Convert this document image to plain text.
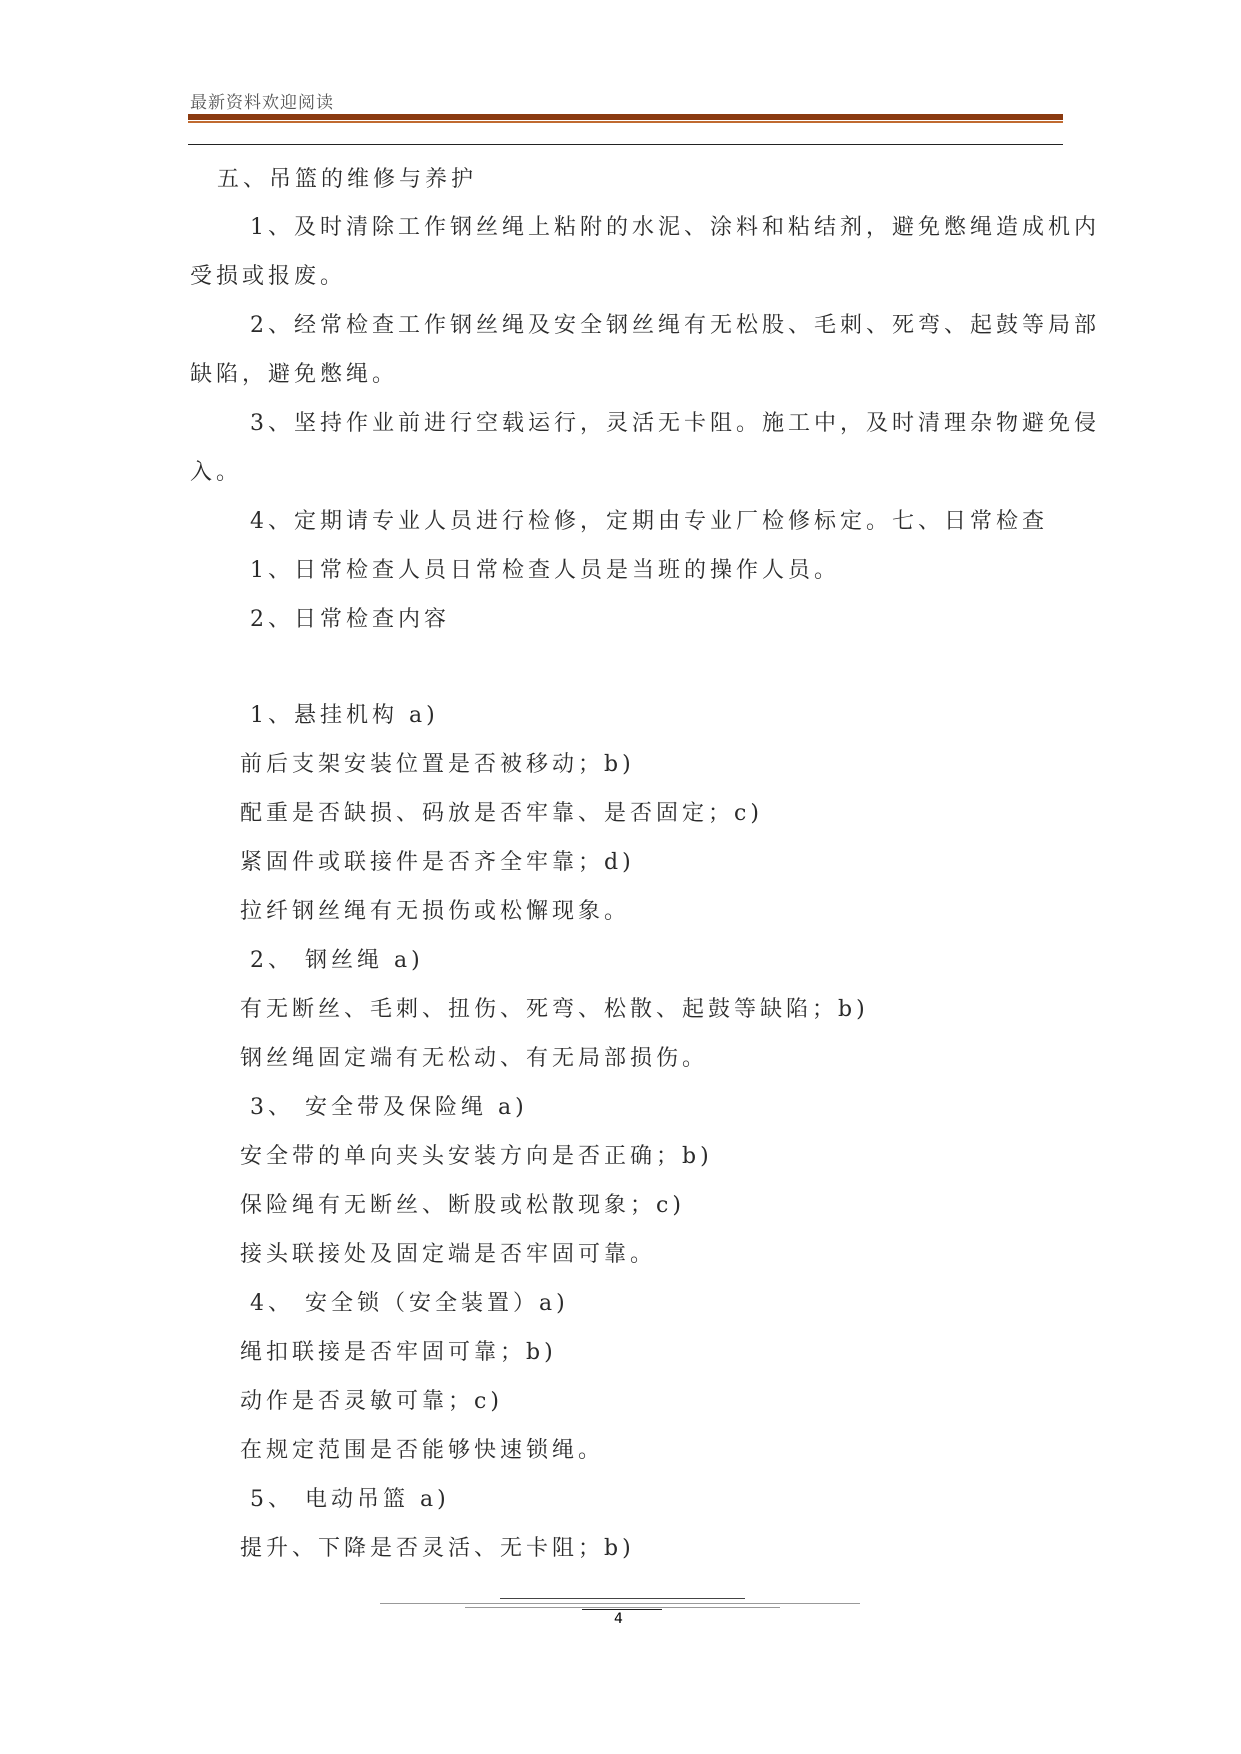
最新资料欢迎阅读
五、吊篮的维修与养护
1、及时清除工作钢丝绳上粘附的水泥、涂料和粘结剂，避免憋绳造成机内
受损或报废。
2、经常检查工作钢丝绳及安全钢丝绳有无松股、毛刺、死弯、起鼓等局部
缺陷，避免憋绳。
3、坚持作业前进行空载运行，灵活无卡阻。施工中，及时清理杂物避免侵
入。
4、定期请专业人员进行检修，定期由专业厂检修标定。七、日常检查
1、日常检查人员日常检查人员是当班的操作人员。
2、日常检查内容
1、悬挂机构 a)
前后支架安装位置是否被移动；b)
配重是否缺损、码放是否牢靠、是否固定；c)
紧固件或联接件是否齐全牢靠；d)
拉纤钢丝绳有无损伤或松懈现象。
2、 钢丝绳 a)
有无断丝、毛刺、扭伤、死弯、松散、起鼓等缺陷；b)
钢丝绳固定端有无松动、有无局部损伤。
3、 安全带及保险绳 a)
安全带的单向夹头安装方向是否正确；b)
保险绳有无断丝、断股或松散现象；c)
接头联接处及固定端是否牢固可靠。
4、 安全锁（安全装置）a)
绳扣联接是否牢固可靠；b)
动作是否灵敏可靠；c)
在规定范围是否能够快速锁绳。
5、 电动吊篮 a)
提升、下降是否灵活、无卡阻；b)
4
